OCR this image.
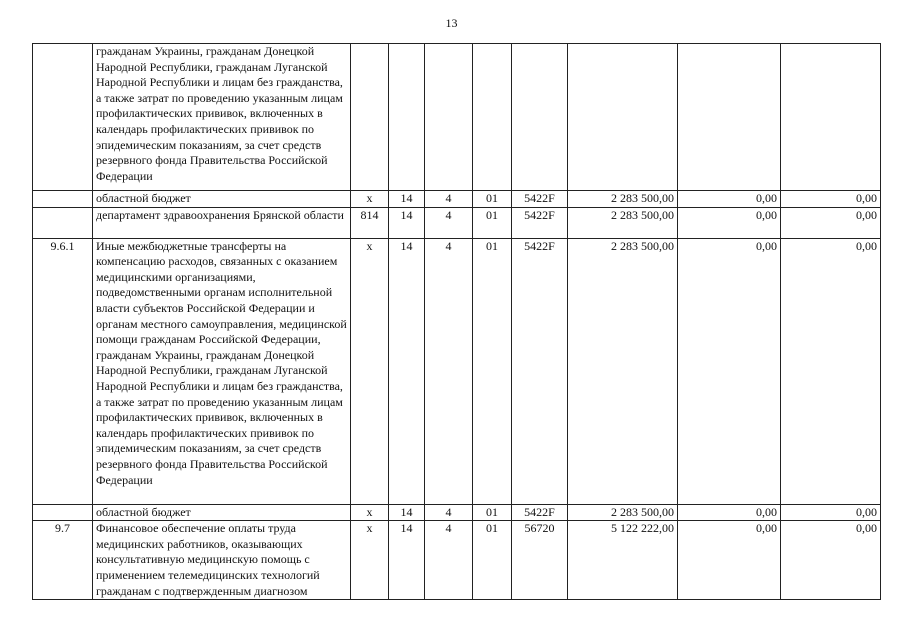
13
	гражданам Украины, гражданам Донецкой Народной Республики, гражданам Луганской Народной Республики и лицам без гражданства, а также затрат по проведению указанным лицам профилактических прививок, включенных в календарь профилактических прививок по эпидемическим показаниям, за счет средств резервного фонда Правительства Российской Федерации								
	областной бюджет	x	14	4	01	5422F	2 283 500,00	0,00	0,00
	департамент здравоохранения Брянской области	814	14	4	01	5422F	2 283 500,00	0,00	0,00
9.6.1	Иные межбюджетные трансферты на компенсацию расходов, связанных с оказанием медицинскими организациями, подведомственными органам исполнительной власти субъектов Российской Федерации и органам местного самоуправления, медицинской помощи гражданам Российской Федерации, гражданам Украины, гражданам Донецкой Народной Республики, гражданам Луганской Народной Республики и лицам без гражданства, а также затрат по проведению указанным лицам профилактических прививок, включенных в календарь профилактических прививок по эпидемическим показаниям, за счет средств резервного фонда Правительства Российской Федерации	x	14	4	01	5422F	2 283 500,00	0,00	0,00
	областной бюджет	x	14	4	01	5422F	2 283 500,00	0,00	0,00
9.7	Финансовое обеспечение оплаты труда медицинских работников, оказывающих консультативную медицинскую помощь с применением телемедицинских технологий гражданам с подтвержденным диагнозом	x	14	4	01	56720	5 122 222,00	0,00	0,00
